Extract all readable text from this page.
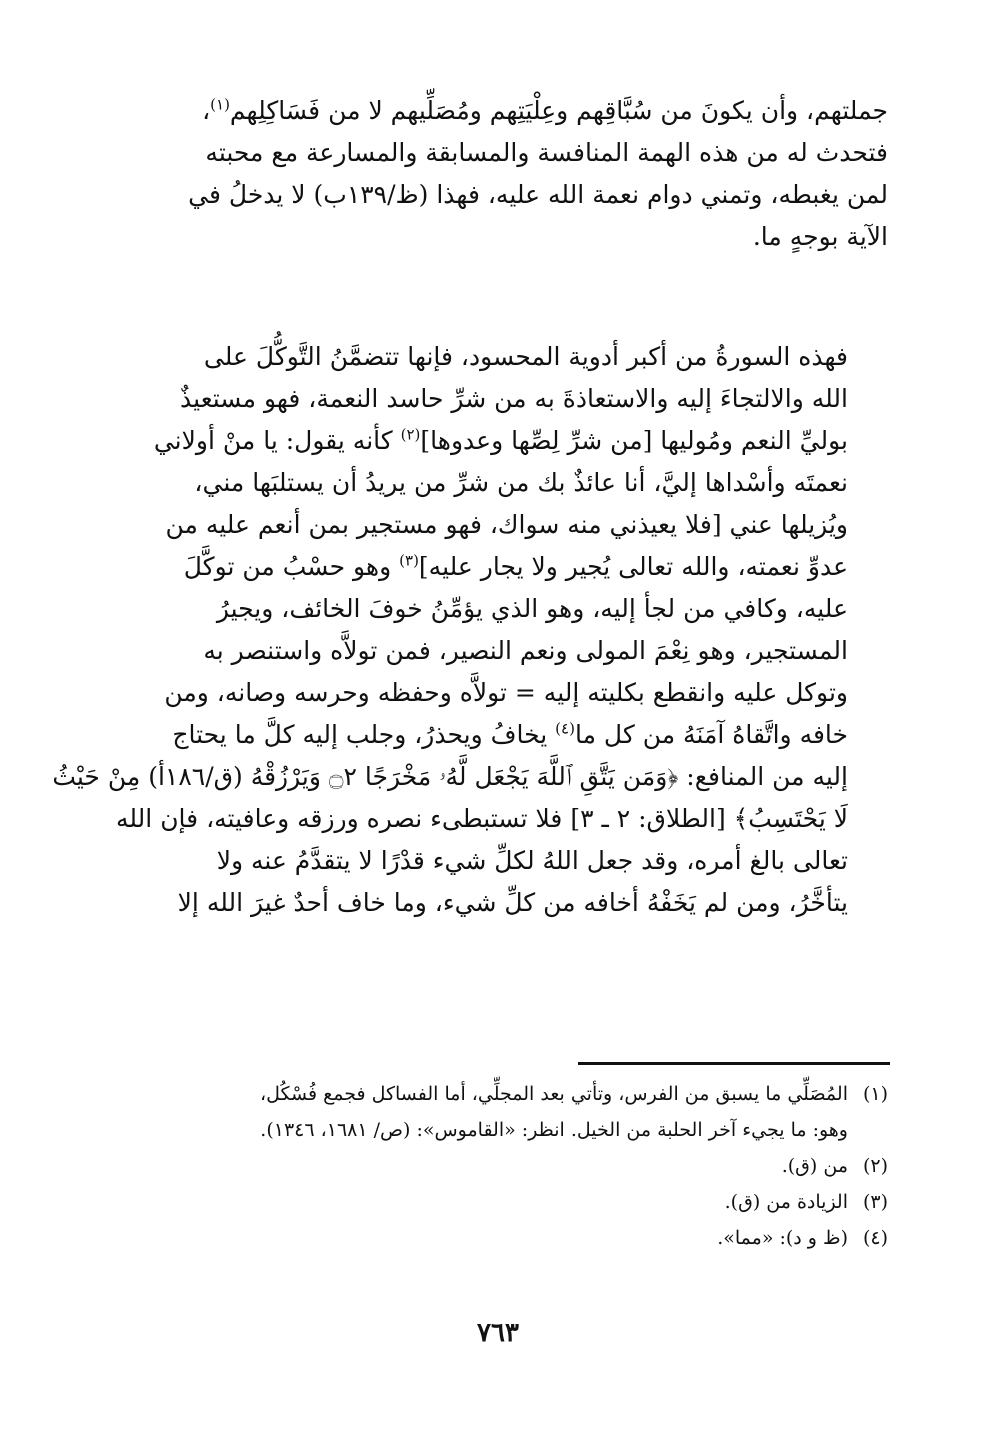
جملتهم، وأن يكونَ من سُبَّاقِهم وعِلْيَتِهم ومُصَلِّيهم لا من فَسَاكِلِهم$^{(١)}$،
فتحدث له من هذه الهمة المنافسة والمسابقة والمسارعة مع محبته
لمن يغبطه، وتمني دوام نعمة الله عليه، فهذا (ظ/١٣٩ب) لا يدخلُ في
الآية بوجهٍ ما.
فهذه السورةُ من أكبر أدوية المحسود، فإنها تتضمَّنُ التَّوكُّلَ على
الله والالتجاءَ إليه والاستعاذةَ به من شرِّ حاسد النعمة، فهو مستعيذٌ
بوليِّ النعم ومُوليها [من شرِّ لِصِّها وعدوها]$^{(٢)}$ كأنه يقول: يا منْ أولاني
نعمتَه وأسْداها إليَّ، أنا عائذٌ بك من شرِّ من يريدُ أن يستلبَها مني،
ويُزيلها عني [فلا يعيذني منه سواك، فهو مستجير بمن أنعم عليه من
عدوِّ نعمته، والله تعالى يُجير ولا يجار عليه]$^{(٣)}$ وهو حسْبُ من توكَّلَ
عليه، وكافي من لجأ إليه، وهو الذي يؤمِّنُ خوفَ الخائف، ويجيرُ
المستجير، وهو نِعْمَ المولى ونعم النصير، فمن تولاَّه واستنصر به
وتوكل عليه وانقطع بكليته إليه = تولاَّه وحفظه وحرسه وصانه، ومن
خافه واتَّقاهُ آمَنَهُ من كل ما$^{(٤)}$ يخافُ ويحذرُ، وجلب إليه كلَّ ما يحتاج
إليه من المنافع: ﴿وَمَن يَتَّقِ ٱللَّهَ يَجْعَل لَّهُۥ مَخْرَجًا ۝٢ وَيَرْزُقْهُ (ق/١٨٦أ) مِنْ حَيْثُ
لَا يَحْتَسِبُ﴾ [الطلاق: ٢ ـ ٣] فلا تستبطىء نصره ورزقه وعافيته، فإن الله
تعالى بالغ أمره، وقد جعل اللهُ لكلِّ شيء قدْرًا لا يتقدَّمُ عنه ولا
يتأخَّرُ، ومن لم يَخَفْهُ أخافه من كلِّ شيء، وما خاف أحدٌ غيرَ الله إلا
(١)
المُصَلِّي ما يسبق من الفرس، وتأتي بعد المجلِّي، أما الفساكل فجمع فُسْكُل،
وهو: ما يجيء آخر الحلبة من الخيل. انظر: «القاموس»: (ص/ ١٦٨١، ١٣٤٦).
(٢)
من (ق).
(٣)
الزيادة من (ق).
(٤)
(ظ و د): «مما».
٧٦٣
